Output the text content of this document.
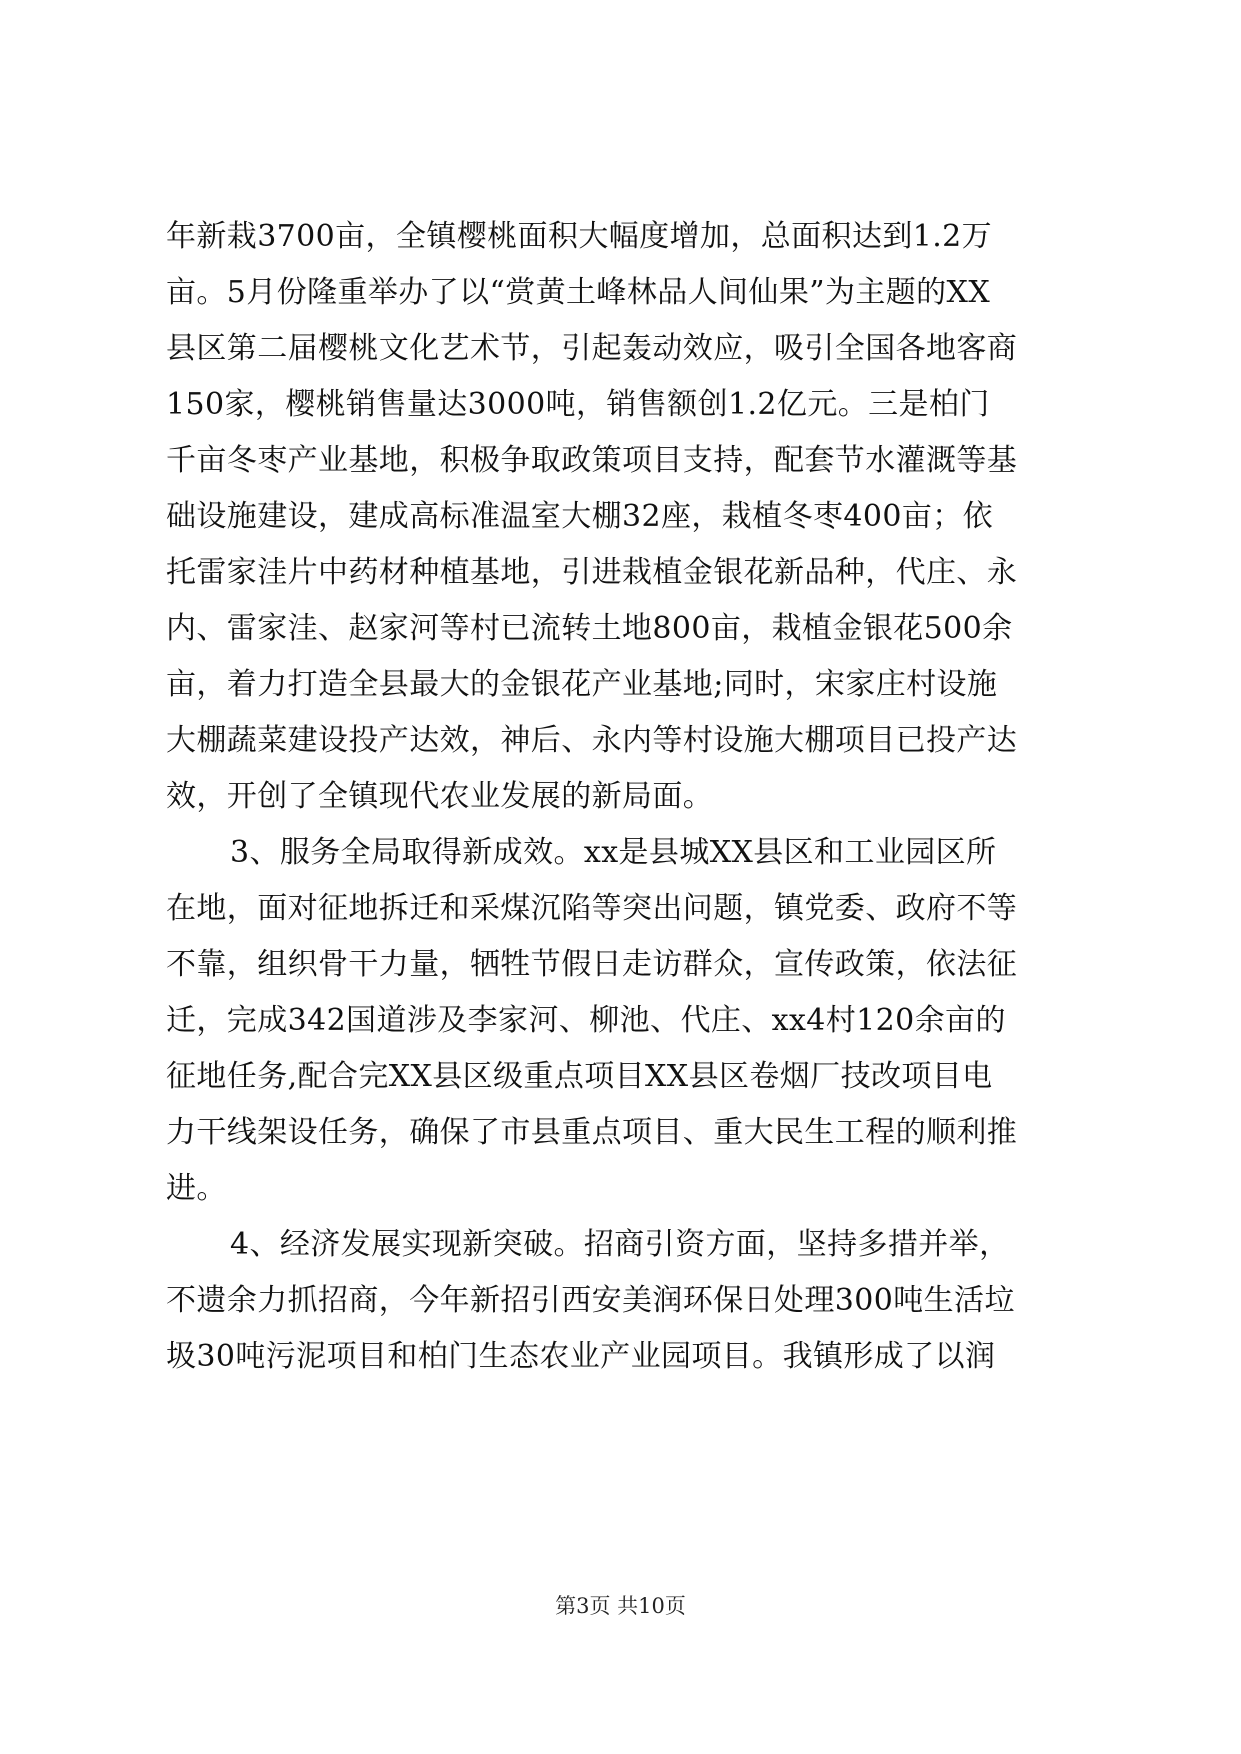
年新栽3700亩，全镇樱桃面积大幅度增加，总面积达到1.2万
亩。5月份隆重举办了以“赏黄土峰林品人间仙果”为主题的XX
县区第二届樱桃文化艺术节，引起轰动效应，吸引全国各地客商
150家，樱桃销售量达3000吨，销售额创1.2亿元。三是柏门
千亩冬枣产业基地，积极争取政策项目支持，配套节水灌溉等基
础设施建设，建成高标准温室大棚32座，栽植冬枣400亩；依
托雷家洼片中药材种植基地，引进栽植金银花新品种，代庄、永
内、雷家洼、赵家河等村已流转土地800亩，栽植金银花500余
亩，着力打造全县最大的金银花产业基地;同时，宋家庄村设施
大棚蔬菜建设投产达效，神后、永内等村设施大棚项目已投产达
效，开创了全镇现代农业发展的新局面。
3、服务全局取得新成效。xx是县城XX县区和工业园区所
在地，面对征地拆迁和采煤沉陷等突出问题，镇党委、政府不等
不靠，组织骨干力量，牺牲节假日走访群众，宣传政策，依法征
迁，完成342国道涉及李家河、柳池、代庄、xx4村120余亩的
征地任务,配合完XX县区级重点项目XX县区卷烟厂技改项目电
力干线架设任务，确保了市县重点项目、重大民生工程的顺利推
进。
4、经济发展实现新突破。招商引资方面，坚持多措并举，
不遗余力抓招商，今年新招引西安美润环保日处理300吨生活垃
圾30吨污泥项目和柏门生态农业产业园项目。我镇形成了以润
第3页 共10页
